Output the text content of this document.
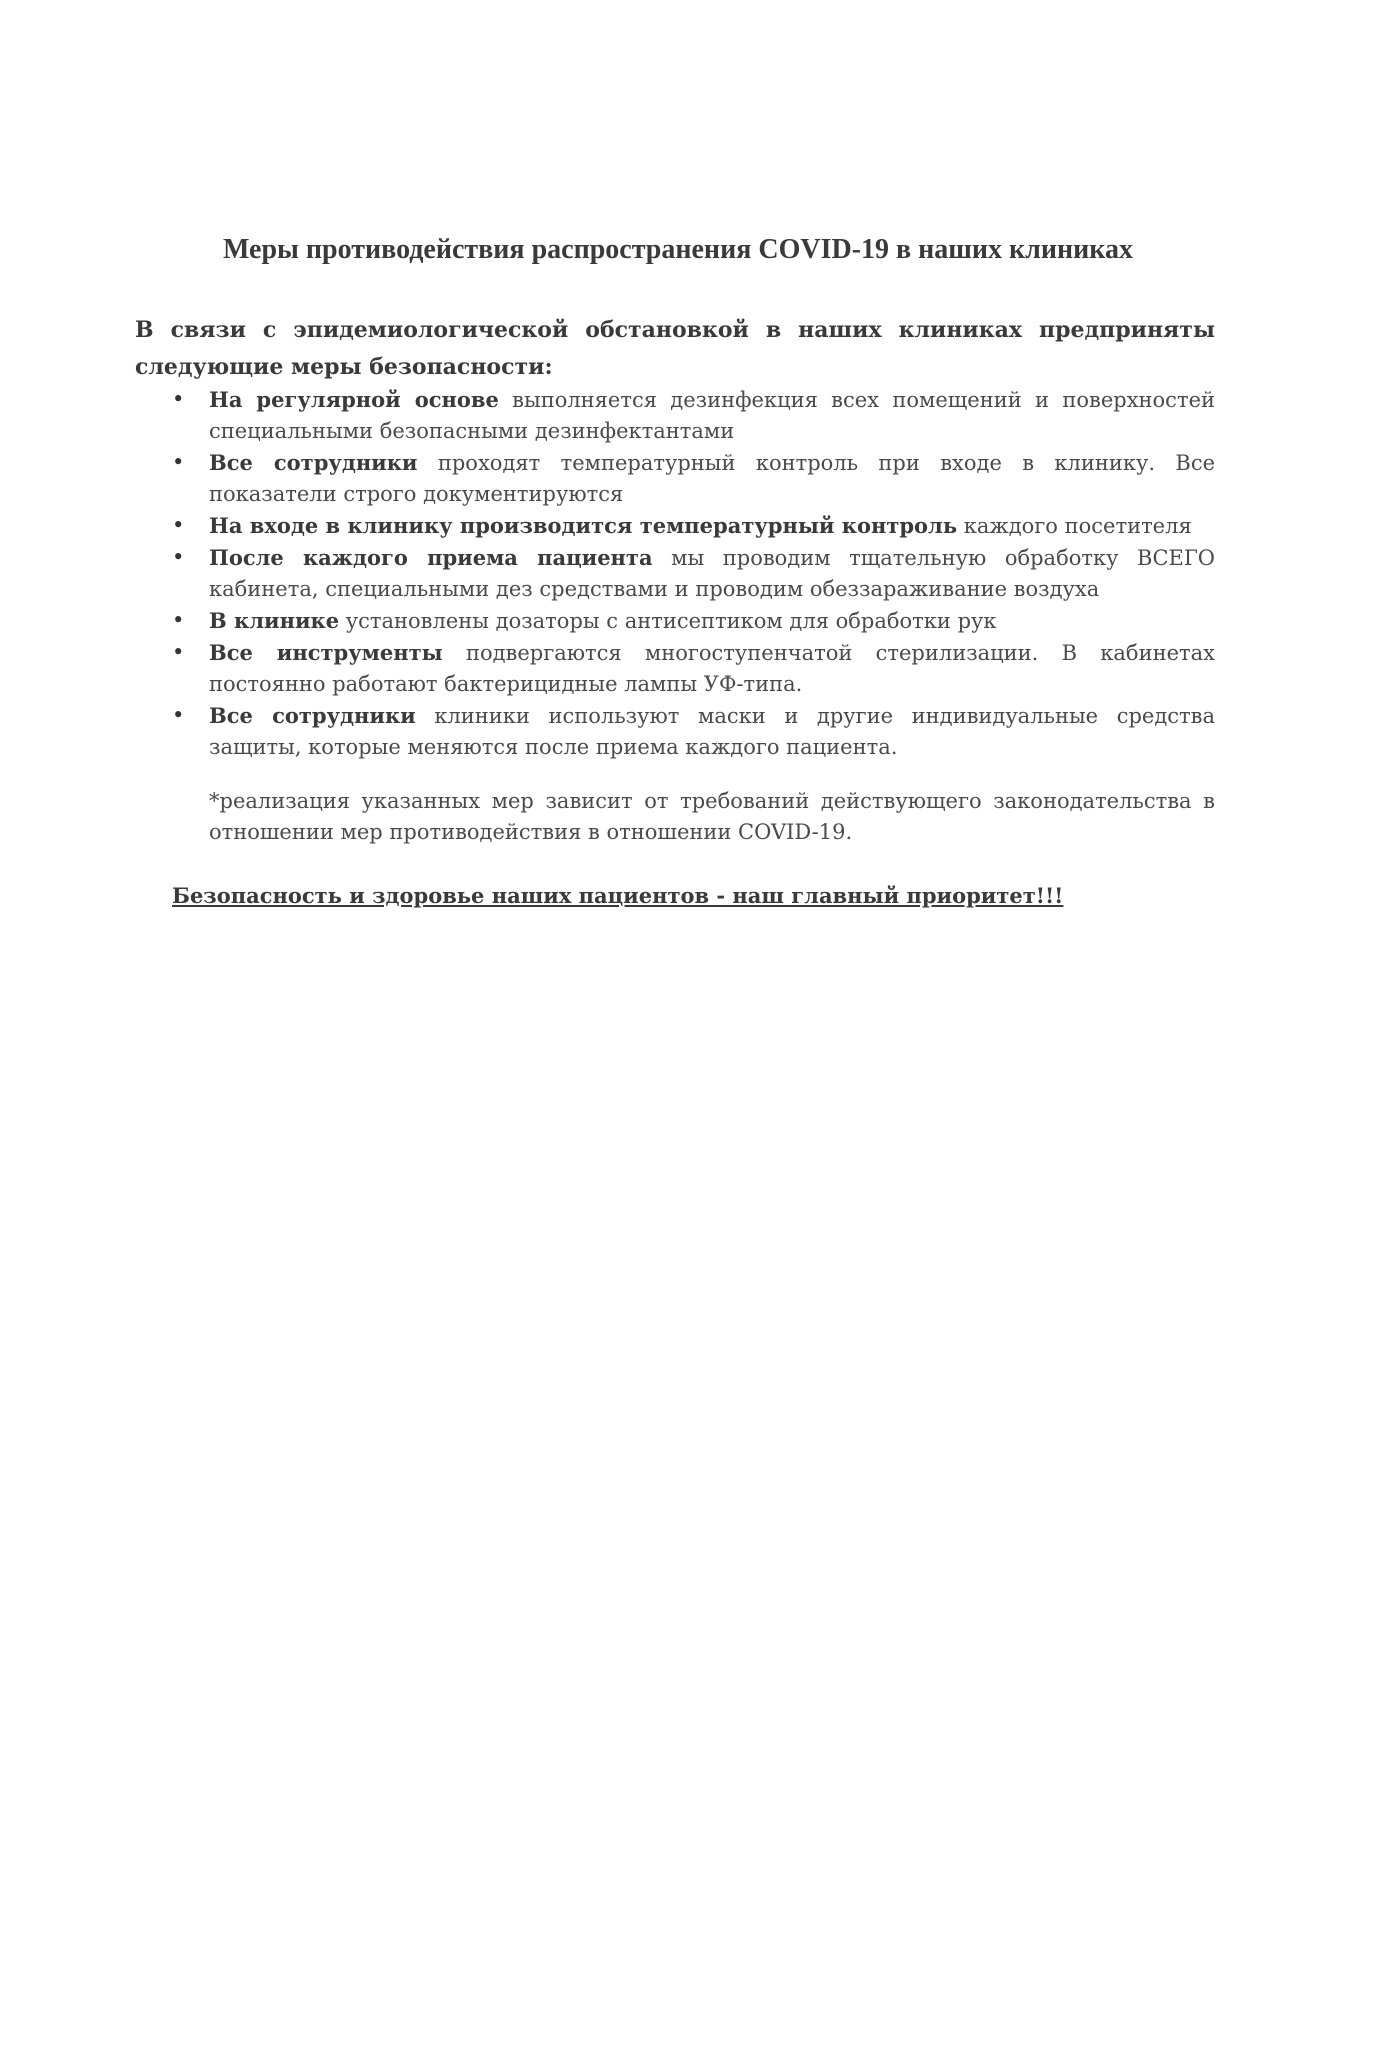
Меры противодействия распространения COVID-19 в наших клиниках

В связи с эпидемиологической обстановкой в наших клиниках предприняты следующие меры безопасности:

• На регулярной основе выполняется дезинфекция всех помещений и поверхностей специальными безопасными дезинфектантами
• Все сотрудники проходят температурный контроль при входе в клинику. Все показатели строго документируются
• На входе в клинику производится температурный контроль каждого посетителя
• После каждого приема пациента мы проводим тщательную обработку ВСЕГО кабинета, специальными дез средствами и проводим обеззараживание воздуха
• В клинике установлены дозаторы с антисептиком для обработки рук
• Все инструменты подвергаются многоступенчатой стерилизации. В кабинетах постоянно работают бактерицидные лампы УФ-типа.
• Все сотрудники клиники используют маски и другие индивидуальные средства защиты, которые меняются после приема каждого пациента.

*реализация указанных мер зависит от требований действующего законодательства в отношении мер противодействия в отношении COVID-19.

Безопасность и здоровье наших пациентов - наш главный приоритет!!!
